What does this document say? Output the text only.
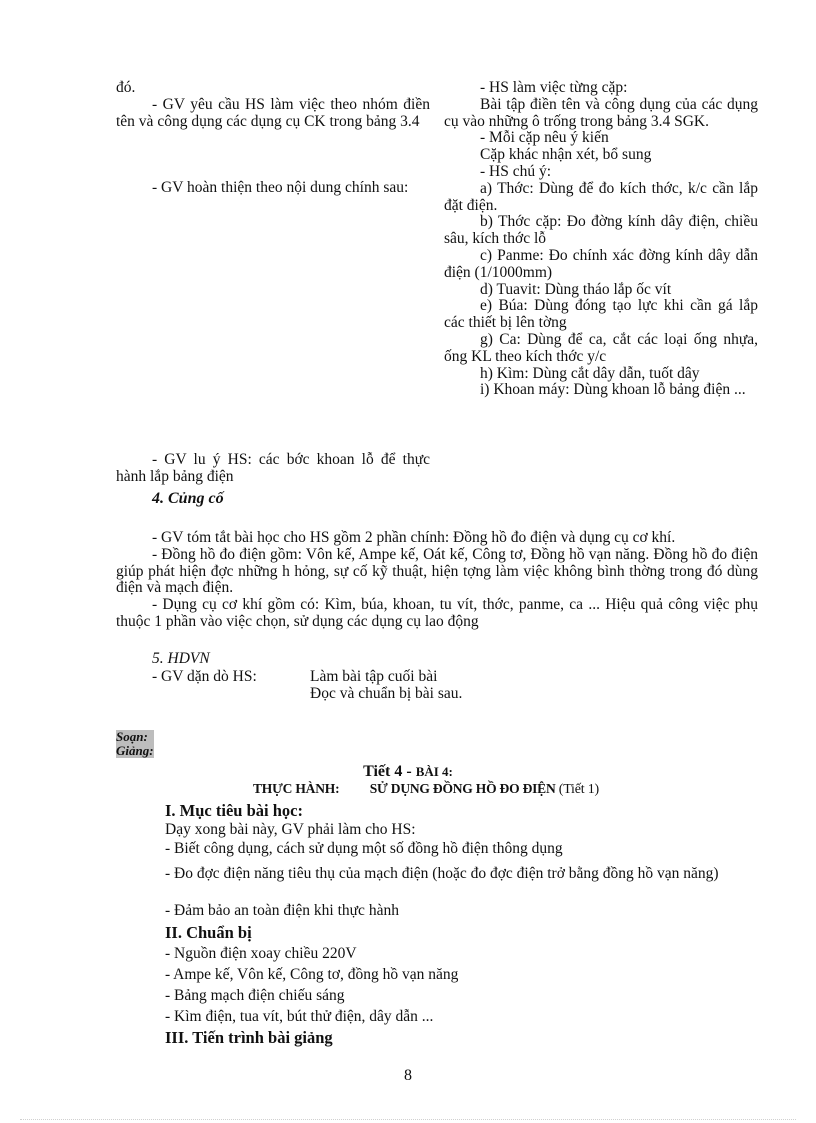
đó.

- GV yêu cầu HS làm việc theo nhóm điền tên và công dụng các dụng cụ CK trong bảng 3.4

- GV hoàn thiện theo nội dung chính sau:

- GV lu ý HS: các bớc khoan lỗ để thực hành lắp bảng điện

- HS làm việc từng cặp:

Bài tập điền tên và công dụng của các dụng cụ vào những ô trống trong bảng 3.4 SGK.

- Mỗi cặp nêu ý kiến

Cặp khác nhận xét, bổ sung

- HS chú ý:

a) Thớc: Dùng để đo kích thớc, k/c cần lắp đặt điện.

b) Thớc cặp: Đo đờng kính dây điện, chiều sâu, kích thớc lỗ

c) Panme: Đo chính xác đờng kính dây dẫn điện (1/1000mm)

d) Tuavit: Dùng tháo lắp ốc vít

e) Búa: Dùng đóng tạo lực khi cần gá lắp các thiết bị lên tờng

g) Ca: Dùng để ca, cắt các loại ống nhựa, ống KL theo kích thớc y/c

h) Kìm: Dùng cắt dây dẫn, tuốt dây

i) Khoan máy: Dùng khoan lỗ bảng điện ...

4. Củng cố

- GV tóm tắt bài học cho HS gồm 2 phần chính: Đồng hồ đo điện và dụng cụ cơ khí.

- Đồng hồ đo điện gồm: Vôn kế, Ampe kế, Oát kế, Công tơ, Đồng hồ vạn năng. Đồng hồ đo điện giúp phát hiện đợc những h hỏng, sự cố kỹ thuật, hiện tợng làm việc không bình thờng trong đó dùng điện và mạch điện.

- Dụng cụ cơ khí gồm có: Kìm, búa, khoan, tu vít, thớc, panme, ca ... Hiệu quả công việc phụ thuộc 1 phần vào việc chọn, sử dụng các dụng cụ lao động

5. HDVN
- GV dặn dò HS:	Làm bài tập cuối bài
Đọc và chuẩn bị bài sau.
Soạn:
Giảng:
Tiết 4 - BÀI 4:
THỰC HÀNH: SỬ DỤNG ĐỒNG HỒ ĐO ĐIỆN (Tiết 1)

I. Mục tiêu bài học:

Dạy xong bài này, GV phải làm cho HS:

- Biết công dụng, cách sử dụng một số đồng hồ điện thông dụng

- Đo đợc điện năng tiêu thụ của mạch điện (hoặc đo đợc điện trở bằng đồng hồ vạn năng)

- Đảm bảo an toàn điện khi thực hành

II. Chuẩn bị

- Nguồn điện xoay chiều 220V

- Ampe kế, Vôn kế, Công tơ, đồng hồ vạn năng

- Bảng mạch điện chiếu sáng

- Kìm điện, tua vít, bút thử điện, dây dẫn ...

III. Tiến trình bài giảng

8
